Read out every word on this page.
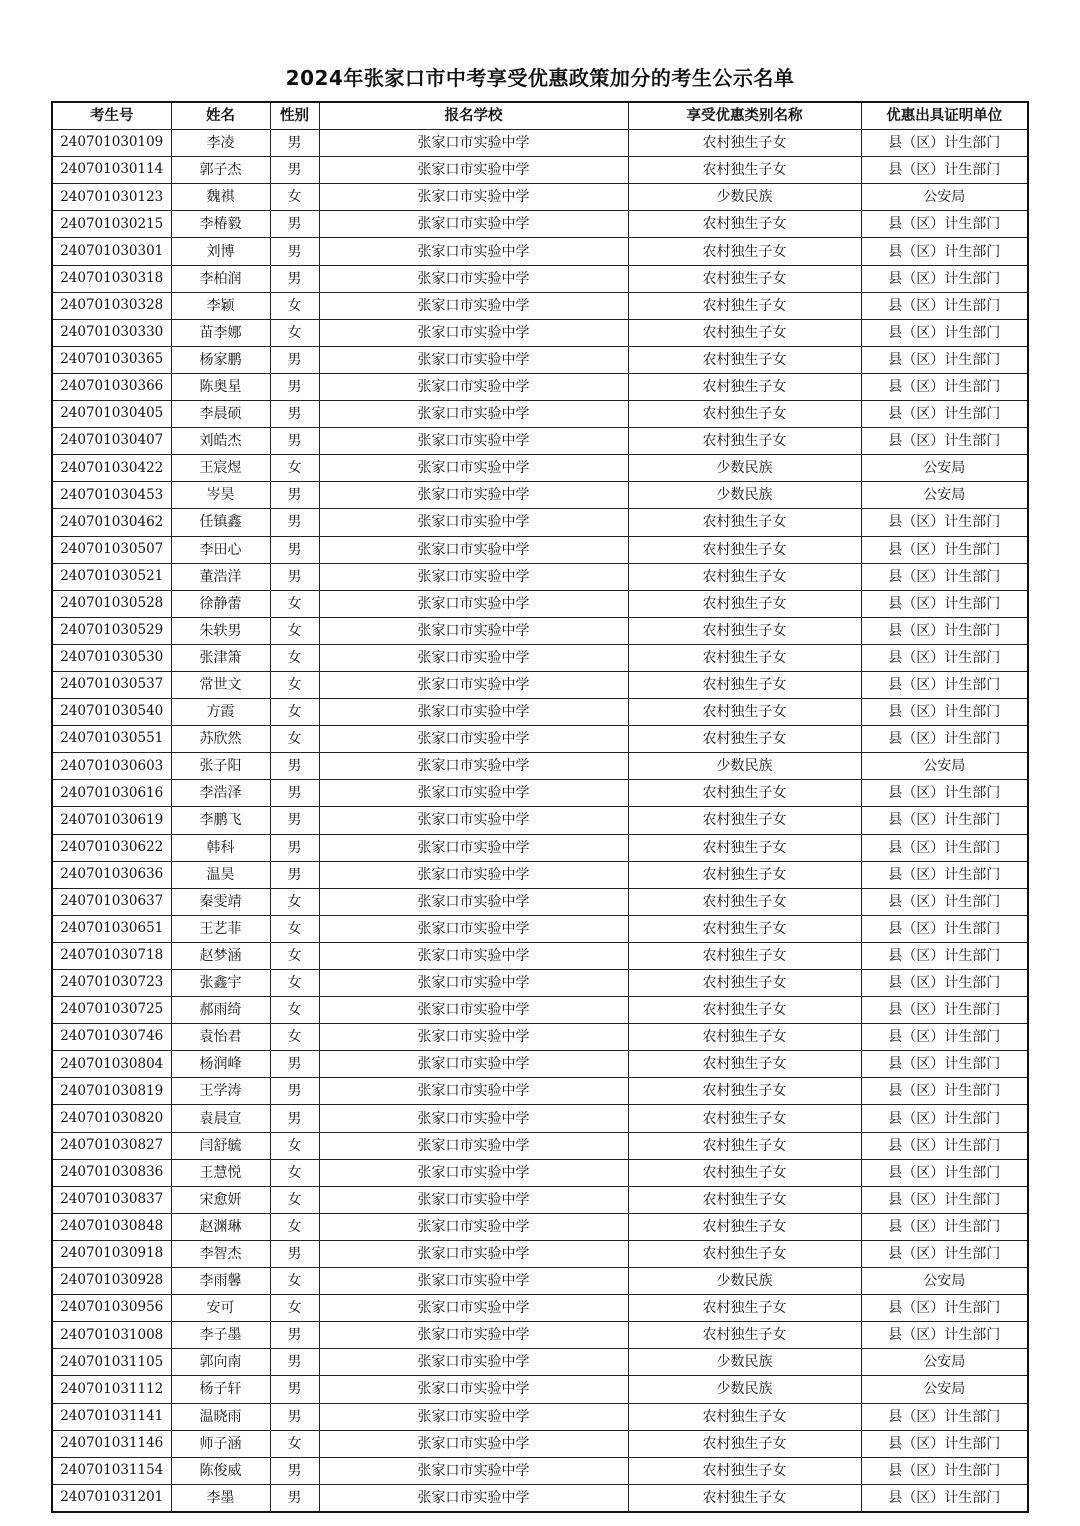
2024年张家口市中考享受优惠政策加分的考生公示名单
考生号	姓名	性别	报名学校	享受优惠类别名称	优惠出具证明单位
240701030109	李凌	男	张家口市实验中学	农村独生子女	县（区）计生部门
240701030114	郭子杰	男	张家口市实验中学	农村独生子女	县（区）计生部门
240701030123	魏祺	女	张家口市实验中学	少数民族	公安局
240701030215	李椿毅	男	张家口市实验中学	农村独生子女	县（区）计生部门
240701030301	刘博	男	张家口市实验中学	农村独生子女	县（区）计生部门
240701030318	李柏润	男	张家口市实验中学	农村独生子女	县（区）计生部门
240701030328	李颖	女	张家口市实验中学	农村独生子女	县（区）计生部门
240701030330	苗李娜	女	张家口市实验中学	农村独生子女	县（区）计生部门
240701030365	杨家鹏	男	张家口市实验中学	农村独生子女	县（区）计生部门
240701030366	陈奥星	男	张家口市实验中学	农村独生子女	县（区）计生部门
240701030405	李晨硕	男	张家口市实验中学	农村独生子女	县（区）计生部门
240701030407	刘皓杰	男	张家口市实验中学	农村独生子女	县（区）计生部门
240701030422	王宸煜	女	张家口市实验中学	少数民族	公安局
240701030453	岑昊	男	张家口市实验中学	少数民族	公安局
240701030462	任镇鑫	男	张家口市实验中学	农村独生子女	县（区）计生部门
240701030507	李田心	男	张家口市实验中学	农村独生子女	县（区）计生部门
240701030521	董浩洋	男	张家口市实验中学	农村独生子女	县（区）计生部门
240701030528	徐静蕾	女	张家口市实验中学	农村独生子女	县（区）计生部门
240701030529	朱轶男	女	张家口市实验中学	农村独生子女	县（区）计生部门
240701030530	张津箫	女	张家口市实验中学	农村独生子女	县（区）计生部门
240701030537	常世文	女	张家口市实验中学	农村独生子女	县（区）计生部门
240701030540	方霞	女	张家口市实验中学	农村独生子女	县（区）计生部门
240701030551	苏欣然	女	张家口市实验中学	农村独生子女	县（区）计生部门
240701030603	张子阳	男	张家口市实验中学	少数民族	公安局
240701030616	李浩泽	男	张家口市实验中学	农村独生子女	县（区）计生部门
240701030619	李鹏飞	男	张家口市实验中学	农村独生子女	县（区）计生部门
240701030622	韩科	男	张家口市实验中学	农村独生子女	县（区）计生部门
240701030636	温昊	男	张家口市实验中学	农村独生子女	县（区）计生部门
240701030637	秦雯靖	女	张家口市实验中学	农村独生子女	县（区）计生部门
240701030651	王艺菲	女	张家口市实验中学	农村独生子女	县（区）计生部门
240701030718	赵梦涵	女	张家口市实验中学	农村独生子女	县（区）计生部门
240701030723	张鑫宇	女	张家口市实验中学	农村独生子女	县（区）计生部门
240701030725	郝雨绮	女	张家口市实验中学	农村独生子女	县（区）计生部门
240701030746	袁怡君	女	张家口市实验中学	农村独生子女	县（区）计生部门
240701030804	杨润峰	男	张家口市实验中学	农村独生子女	县（区）计生部门
240701030819	王学涛	男	张家口市实验中学	农村独生子女	县（区）计生部门
240701030820	袁晨宣	男	张家口市实验中学	农村独生子女	县（区）计生部门
240701030827	闫舒毓	女	张家口市实验中学	农村独生子女	县（区）计生部门
240701030836	王慧悦	女	张家口市实验中学	农村独生子女	县（区）计生部门
240701030837	宋愈妍	女	张家口市实验中学	农村独生子女	县（区）计生部门
240701030848	赵渊琳	女	张家口市实验中学	农村独生子女	县（区）计生部门
240701030918	李智杰	男	张家口市实验中学	农村独生子女	县（区）计生部门
240701030928	李雨馨	女	张家口市实验中学	少数民族	公安局
240701030956	安可	女	张家口市实验中学	农村独生子女	县（区）计生部门
240701031008	李子墨	男	张家口市实验中学	农村独生子女	县（区）计生部门
240701031105	郭向南	男	张家口市实验中学	少数民族	公安局
240701031112	杨子轩	男	张家口市实验中学	少数民族	公安局
240701031141	温晓雨	男	张家口市实验中学	农村独生子女	县（区）计生部门
240701031146	师子涵	女	张家口市实验中学	农村独生子女	县（区）计生部门
240701031154	陈俊威	男	张家口市实验中学	农村独生子女	县（区）计生部门
240701031201	李墨	男	张家口市实验中学	农村独生子女	县（区）计生部门
